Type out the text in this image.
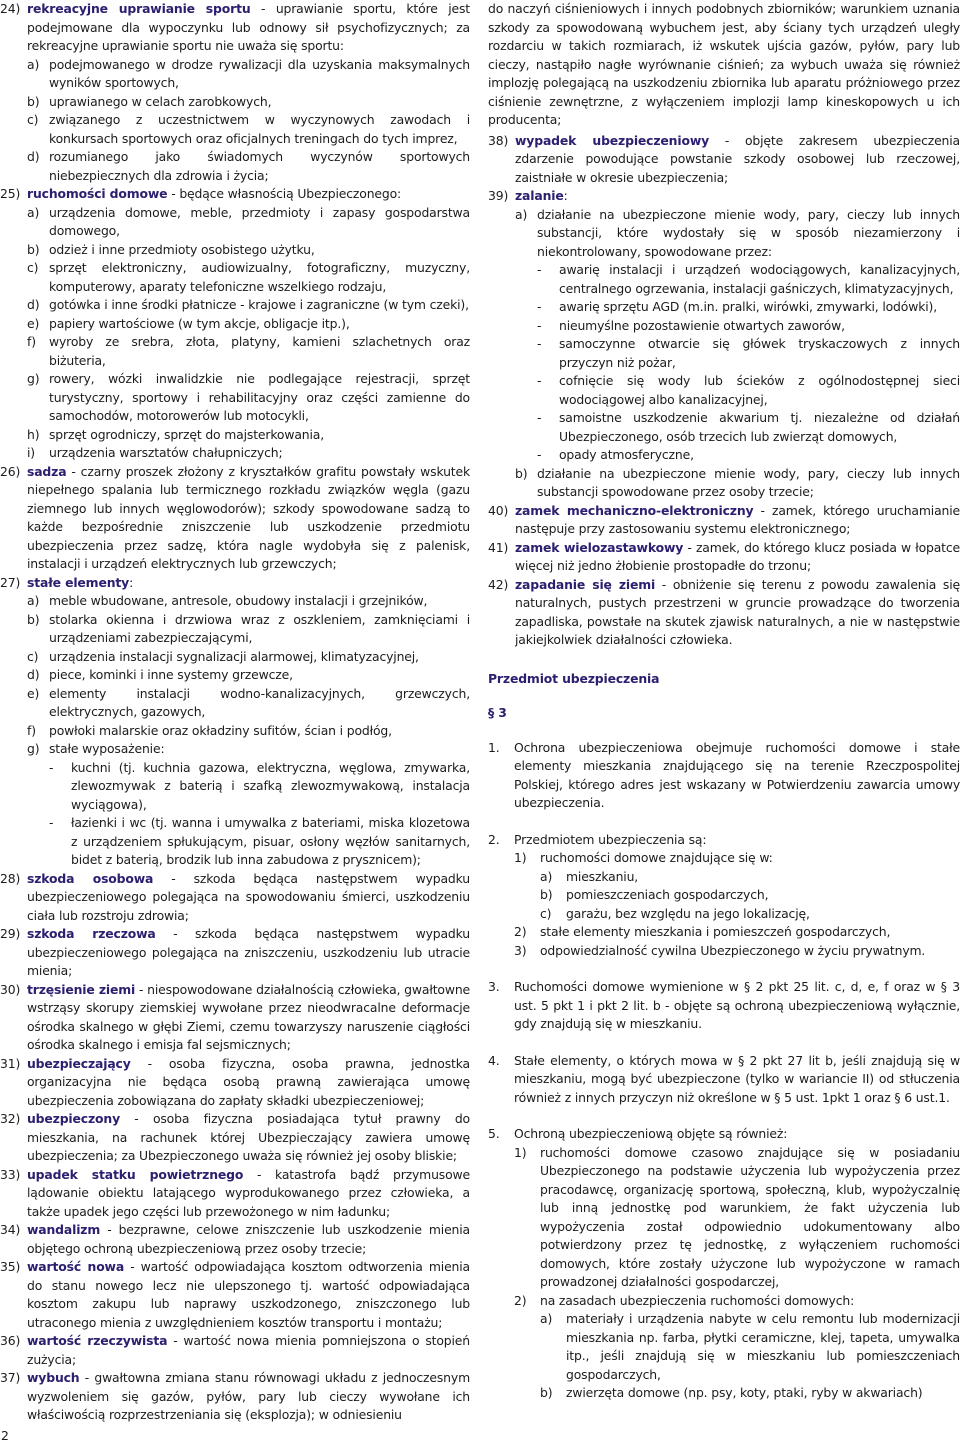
24) rekreacyjne uprawianie sportu - uprawianie sportu, które jest podejmowane dla wypoczynku lub odnowy sił psychofizycznych; za rekreacyjne uprawianie sportu nie uważa się sportu:
a) podejmowanego w drodze rywalizacji dla uzyskania maksymalnych wyników sportowych,
b) uprawianego w celach zarobkowych,
c) związanego z uczestnictwem w wyczynowych zawodach i konkursach sportowych oraz oficjalnych treningach do tych imprez,
d) rozumianego jako świadomych wyczynów sportowych niebezpiecznych dla zdrowia i życia;
25) ruchomości domowe - będące własnością Ubezpieczonego:
a) urządzenia domowe, meble, przedmioty i zapasy gospodarstwa domowego,
b) odzież i inne przedmioty osobistego użytku,
c) sprzęt elektroniczny, audiowizualny, fotograficzny, muzyczny, komputerowy, aparaty telefoniczne wszelkiego rodzaju,
d) gotówka i inne środki płatnicze - krajowe i zagraniczne (w tym czeki),
e) papiery wartościowe (w tym akcje, obligacje itp.),
f) wyroby ze srebra, złota, platyny, kamieni szlachetnych oraz biżuteria,
g) rowery, wózki inwalidzkie nie podlegające rejestracji, sprzęt turystyczny, sportowy i rehabilitacyjny oraz części zamienne do samochodów, motorowerów lub motocykli,
h) sprzęt ogrodniczy, sprzęt do majsterkowania,
i) urządzenia warsztatów chałupniczych;
26) sadza - czarny proszek złożony z kryształków grafitu powstały wskutek niepełnego spalania lub termicznego rozkładu związków węgla (gazu ziemnego lub innych węglowodorów); szkody spowodowane sadzą to każde bezpośrednie zniszczenie lub uszkodzenie przedmiotu ubezpieczenia przez sadzę, która nagle wydobyła się z palenisk, instalacji i urządzeń elektrycznych lub grzewczych;
27) stałe elementy:
a) meble wbudowane, antresole, obudowy instalacji i grzejników,
b) stolarka okienna i drzwiowa wraz z oszkleniem, zamknięciami i urządzeniami zabezpieczającymi,
c) urządzenia instalacji sygnalizacji alarmowej, klimatyzacyjnej,
d) piece, kominki i inne systemy grzewcze,
e) elementy instalacji wodno-kanalizacyjnych, grzewczych, elektrycznych, gazowych,
f) powłoki malarskie oraz okładziny sufitów, ścian i podłóg,
g) stałe wyposażenie:
- kuchni (tj. kuchnia gazowa, elektryczna, węglowa, zmywarka, zlewozmywak z baterią i szafką zlewozmywakową, instalacja wyciągowa),
- łazienki i wc (tj. wanna i umywalka z bateriami, miska klozetowa z urządzeniem spłukującym, pisuar, osłony węzłów sanitarnych, bidet z baterią, brodzik lub inna zabudowa z prysznicem);
28) szkoda osobowa - szkoda będąca następstwem wypadku ubezpieczeniowego polegająca na spowodowaniu śmierci, uszkodzeniu ciała lub rozstroju zdrowia;
29) szkoda rzeczowa - szkoda będąca następstwem wypadku ubezpieczeniowego polegająca na zniszczeniu, uszkodzeniu lub utracie mienia;
30) trzęsienie ziemi - niespowodowane działalnością człowieka, gwałtowne wstrząsy skorupy ziemskiej wywołane przez nieodwracalne deformacje ośrodka skalnego w głębi Ziemi, czemu towarzyszy naruszenie ciągłości ośrodka skalnego i emisja fal sejsmicznych;
31) ubezpieczający - osoba fizyczna, osoba prawna, jednostka organizacyjna nie będąca osobą prawną zawierająca umowę ubezpieczenia zobowiązana do zapłaty składki ubezpieczeniowej;
32) ubezpieczony - osoba fizyczna posiadająca tytuł prawny do mieszkania, na rachunek której Ubezpieczający zawiera umowę ubezpieczenia; za Ubezpieczonego uważa się również jej osoby bliskie;
33) upadek statku powietrznego - katastrofa bądź przymusowe lądowanie obiektu latającego wyprodukowanego przez człowieka, a także upadek jego części lub przewożonego w nim ładunku;
34) wandalizm - bezprawne, celowe zniszczenie lub uszkodzenie mienia objętego ochroną ubezpieczeniową przez osoby trzecie;
35) wartość nowa - wartość odpowiadająca kosztom odtworzenia mienia do stanu nowego lecz nie ulepszonego tj. wartość odpowiadająca kosztom zakupu lub naprawy uszkodzonego, zniszczonego lub utraconego mienia z uwzględnieniem kosztów transportu i montażu;
36) wartość rzeczywista - wartość nowa mienia pomniejszona o stopień zużycia;
37) wybuch - gwałtowna zmiana stanu równowagi układu z jednoczesnym wyzwoleniem się gazów, pyłów, pary lub cieczy wywołane ich właściwością rozprzestrzeniania się (eksplozja); w odniesieniu
do naczyń ciśnieniowych i innych podobnych zbiorników; warunkiem uznania szkody za spowodowaną wybuchem jest, aby ściany tych urządzeń uległy rozdarciu w takich rozmiarach, iż wskutek ujścia gazów, pyłów, pary lub cieczy, nastąpiło nagłe wyrównanie ciśnień; za wybuch uważa się również implozję polegającą na uszkodzeniu zbiornika lub aparatu próżniowego przez ciśnienie zewnętrzne, z wyłączeniem implozji lamp kineskopowych u ich producenta;
38) wypadek ubezpieczeniowy - objęte zakresem ubezpieczenia zdarzenie powodujące powstanie szkody osobowej lub rzeczowej, zaistniałe w okresie ubezpieczenia;
39) zalanie:
a) działanie na ubezpieczone mienie wody, pary, cieczy lub innych substancji, które wydostały się w sposób niezamierzony i niekontrolowany, spowodowane przez:
- awarię instalacji i urządzeń wodociągowych, kanalizacyjnych, centralnego ogrzewania, instalacji gaśniczych, klimatyzacyjnych,
- awarię sprzętu AGD (m.in. pralki, wirówki, zmywarki, lodówki),
- nieumyślne pozostawienie otwartych zaworów,
- samoczynne otwarcie się główek tryskaczowych z innych przyczyn niż pożar,
- cofnięcie się wody lub ścieków z ogólnodostępnej sieci wodociągowej albo kanalizacyjnej,
- samoistne uszkodzenie akwarium tj. niezależne od działań Ubezpieczonego, osób trzecich lub zwierząt domowych,
- opady atmosferyczne,
b) działanie na ubezpieczone mienie wody, pary, cieczy lub innych substancji spowodowane przez osoby trzecie;
40) zamek mechaniczno-elektroniczny - zamek, którego uruchamianie następuje przy zastosowaniu systemu elektronicznego;
41) zamek wielozastawkowy - zamek, do którego klucz posiada w łopatce więcej niż jedno żłobienie prostopadłe do trzonu;
42) zapadanie się ziemi - obniżenie się terenu z powodu zawalenia się naturalnych, pustych przestrzeni w gruncie prowadzące do tworzenia zapadliska, powstałe na skutek zjawisk naturalnych, a nie w następstwie jakiejkolwiek działalności człowieka.
Przedmiot ubezpieczenia
§ 3
1. Ochrona ubezpieczeniowa obejmuje ruchomości domowe i stałe elementy mieszkania znajdującego się na terenie Rzeczpospolitej Polskiej, którego adres jest wskazany w Potwierdzeniu zawarcia umowy ubezpieczenia.
2. Przedmiotem ubezpieczenia są:
1) ruchomości domowe znajdujące się w:
a) mieszkaniu,
b) pomieszczeniach gospodarczych,
c) garażu, bez względu na jego lokalizację,
2) stałe elementy mieszkania i pomieszczeń gospodarczych,
3) odpowiedzialność cywilna Ubezpieczonego w życiu prywatnym.
3. Ruchomości domowe wymienione w § 2 pkt 25 lit. c, d, e, f oraz w § 3 ust. 5 pkt 1 i pkt 2 lit. b - objęte są ochroną ubezpieczeniową wyłącznie, gdy znajdują się w mieszkaniu.
4. Stałe elementy, o których mowa w § 2 pkt 27 lit b, jeśli znajdują się w mieszkaniu, mogą być ubezpieczone (tylko w wariancie II) od stłuczenia również z innych przyczyn niż określone w § 5 ust. 1pkt 1 oraz § 6 ust.1.
5. Ochroną ubezpieczeniową objęte są również:
1) ruchomości domowe czasowo znajdujące się w posiadaniu Ubezpieczonego na podstawie użyczenia lub wypożyczenia przez pracodawcę, organizację sportową, społeczną, klub, wypożyczalnię lub inną jednostkę pod warunkiem, że fakt użyczenia lub wypożyczenia został odpowiednio udokumentowany albo potwierdzony przez tę jednostkę, z wyłączeniem ruchomości domowych, które zostały użyczone lub wypożyczone w ramach prowadzonej działalności gospodarczej,
2) na zasadach ubezpieczenia ruchomości domowych:
a) materiały i urządzenia nabyte w celu remontu lub modernizacji mieszkania np. farba, płytki ceramiczne, klej, tapeta, umywalka itp., jeśli znajdują się w mieszkaniu lub pomieszczeniach gospodarczych,
b) zwierzęta domowe (np. psy, koty, ptaki, ryby w akwariach)
2
